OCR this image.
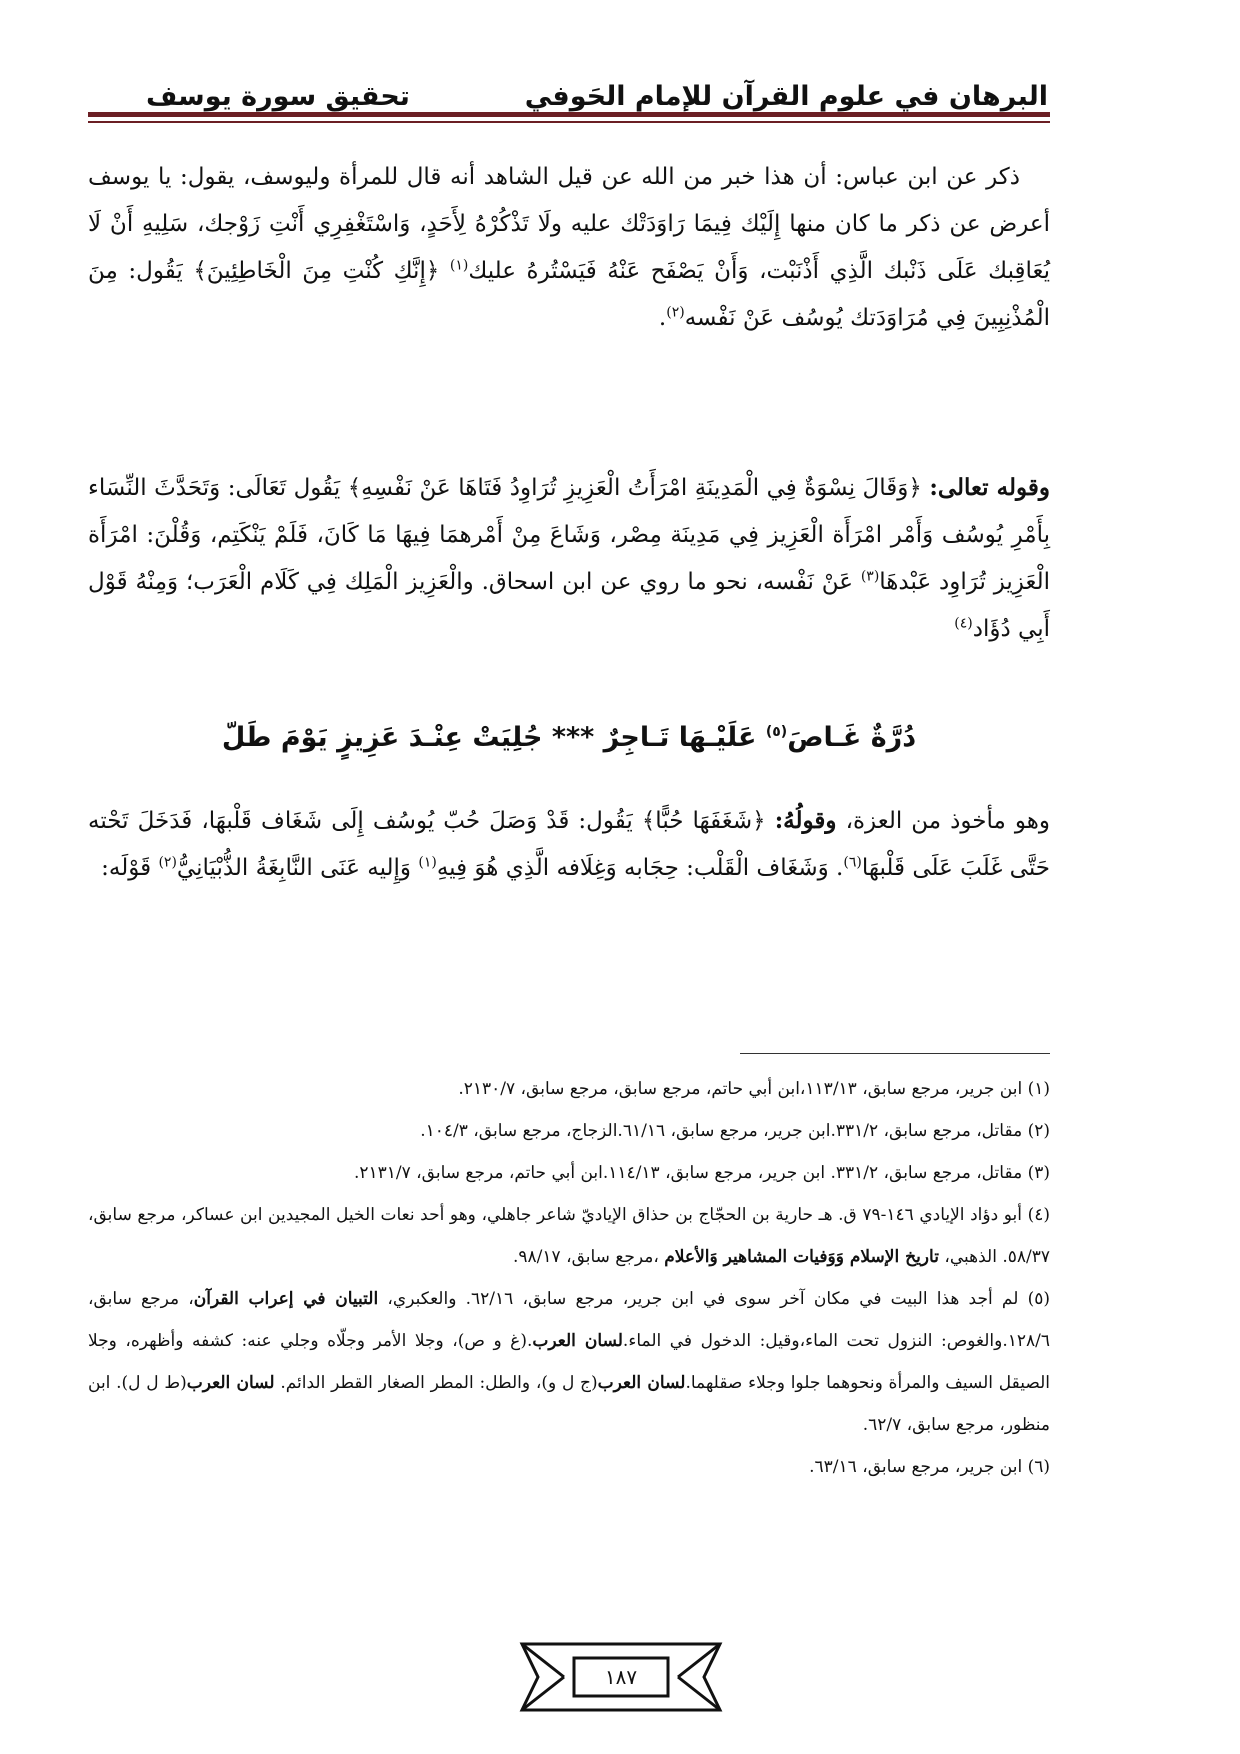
البرهان في علوم القرآن للإمام الحَوفي
تحقيق سورة يوسف
ذكر عن ابن عباس: أن هذا خبر من الله عن قيل الشاهد أنه قال للمرأة وليوسف، يقول: يا يوسف أعرض عن ذكر ما كان منها إِلَيْك فِيمَا رَاوَدَتْك عليه ولَا تَذْكُرْهُ لِأَحَدٍ، وَاسْتَغْفِرِي أَنْتِ زَوْجك، سَلِيهِ أَنْ لَا يُعَاقِبك عَلَى ذَنْبك الَّذِي أَذْنَبْت، وَأَنْ يَصْفَح عَنْهُ فَيَسْتُرهُ عليك$^{(١)}$ ﴿إِنَّكِ كُنْتِ مِنَ الْخَاطِئِينَ﴾ يَقُول: مِنَ الْمُذْنِبِينَ فِي مُرَاوَدَتك يُوسُف عَنْ نَفْسه$^{(٢)}$.
وقوله تعالى: ﴿وَقَالَ نِسْوَةٌ فِي الْمَدِينَةِ امْرَأَتُ الْعَزِيزِ تُرَاوِدُ فَتَاهَا عَنْ نَفْسِهِ﴾ يَقُول تَعَالَى: وَتَحَدَّثَ النِّسَاء بِأَمْرِ يُوسُف وَأَمْر امْرَأَة الْعَزِيز فِي مَدِينَة مِصْر، وَشَاعَ مِنْ أَمْرهمَا فِيهَا مَا كَانَ، فَلَمْ يَنْكَتِم، وَقُلْنَ: امْرَأَة الْعَزِيز تُرَاوِد عَبْدهَا$^{(٣)}$ عَنْ نَفْسه، نحو ما روي عن ابن اسحاق. والْعَزِيز الْمَلِك فِي كَلَام الْعَرَب؛ وَمِنْهُ قَوْل أَبِي دُؤَاد$^{(٤)}$
دُرَّةٌ غَـاصَ$^{(٥)}$ عَلَيْـهَا تَـاجِرٌ *** جُلِيَتْ عِنْـدَ عَزِيزٍ يَوْمَ طَلّ
وهو مأخوذ من العزة، وقولُهُ: ﴿شَغَفَهَا حُبًّا﴾ يَقُول: قَدْ وَصَلَ حُبّ يُوسُف إِلَى شَغَاف قَلْبهَا، فَدَخَلَ تَحْته حَتَّى غَلَبَ عَلَى قَلْبهَا$^{(٦)}$. وَشَغَاف الْقَلْب: حِجَابه وَغِلَافه الَّذِي هُوَ فِيهِ$^{(١)}$ وَإِليه عَنَى النَّابِغَةُ الذُّبْيَانِيُّ$^{(٢)}$ قَوْلَه:

(١) ابن جرير، مرجع سابق، ١١٣/١٣،ابن أبي حاتم، مرجع سابق، مرجع سابق، ٢١٣٠/٧.

(٢) مقاتل، مرجع سابق، ٣٣١/٢.ابن جرير، مرجع سابق، ٦١/١٦.الزجاج، مرجع سابق، ١٠٤/٣.

(٣) مقاتل، مرجع سابق، ٣٣١/٢. ابن جرير، مرجع سابق، ١١٤/١٣.ابن أبي حاتم، مرجع سابق، ٢١٣١/٧.

(٤) أبو دؤاد الإيادي ١٤٦-٧٩ ق. هـ حارية بن الحجّاج بن حذاق الإياديّ شاعر جاهلي، وهو أحد نعات الخيل المجيدين ابن عساكر، مرجع سابق، ٥٨/٣٧. الذهبي، تاريخ الإسلام وَوَفيات المشاهير وَالأعلام ،مرجع سابق، ٩٨/١٧.

(٥) لم أجد هذا البيت في مكان آخر سوى في ابن جرير، مرجع سابق، ٦٢/١٦. والعكبري، التبيان في إعراب القرآن، مرجع سابق، ١٢٨/٦.والغوص: النزول تحت الماء،وقيل: الدخول في الماء.لسان العرب.(غ و ص)، وجلا الأمر وجلّاه وجلي عنه: كشفه وأظهره، وجلا الصيقل السيف والمرأة ونحوهما جلوا وجلاء صقلهما.لسان العرب(ج ل و)، والطل: المطر الصغار القطر الدائم. لسان العرب(ط ل ل). ابن منظور، مرجع سابق، ٦٢/٧.

(٦) ابن جرير، مرجع سابق، ٦٣/١٦.

١٨٧
